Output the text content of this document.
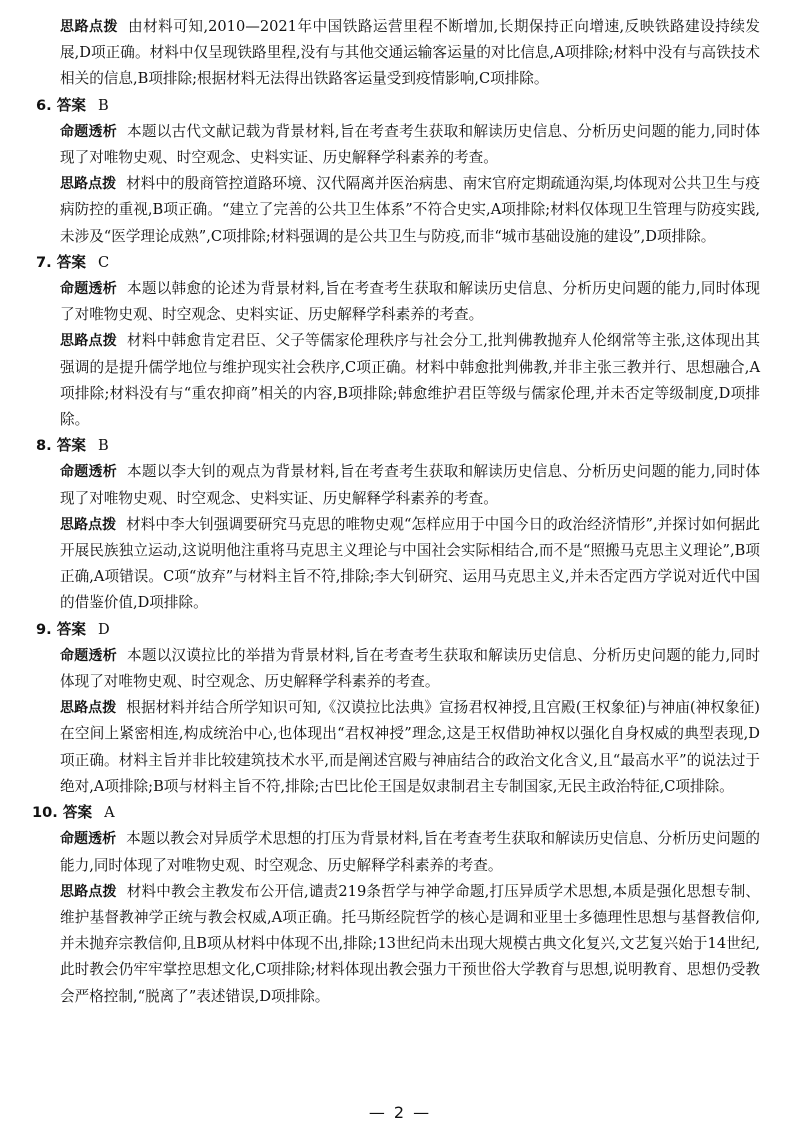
思路点拨 由材料可知,2010—2021年中国铁路运营里程不断增加,长期保持正向增速,反映铁路建设持续发展,D项正确。材料中仅呈现铁路里程,没有与其他交通运输客运量的对比信息,A项排除;材料中没有与高铁技术相关的信息,B项排除;根据材料无法得出铁路客运量受到疫情影响,C项排除。

6. 答案 B

命题透析 本题以古代文献记载为背景材料,旨在考查考生获取和解读历史信息、分析历史问题的能力,同时体现了对唯物史观、时空观念、史料实证、历史解释学科素养的考查。

思路点拨 材料中的殷商管控道路环境、汉代隔离并医治病患、南宋官府定期疏通沟渠,均体现对公共卫生与疫病防控的重视,B项正确。“建立了完善的公共卫生体系”不符合史实,A项排除;材料仅体现卫生管理与防疫实践,未涉及“医学理论成熟”,C项排除;材料强调的是公共卫生与防疫,而非“城市基础设施的建设”,D项排除。

7. 答案 C

命题透析 本题以韩愈的论述为背景材料,旨在考查考生获取和解读历史信息、分析历史问题的能力,同时体现了对唯物史观、时空观念、史料实证、历史解释学科素养的考查。

思路点拨 材料中韩愈肯定君臣、父子等儒家伦理秩序与社会分工,批判佛教抛弃人伦纲常等主张,这体现出其强调的是提升儒学地位与维护现实社会秩序,C项正确。材料中韩愈批判佛教,并非主张三教并行、思想融合,A项排除;材料没有与“重农抑商”相关的内容,B项排除;韩愈维护君臣等级与儒家伦理,并未否定等级制度,D项排除。

8. 答案 B

命题透析 本题以李大钊的观点为背景材料,旨在考查考生获取和解读历史信息、分析历史问题的能力,同时体现了对唯物史观、时空观念、史料实证、历史解释学科素养的考查。

思路点拨 材料中李大钊强调要研究马克思的唯物史观“怎样应用于中国今日的政治经济情形”,并探讨如何据此开展民族独立运动,这说明他注重将马克思主义理论与中国社会实际相结合,而不是“照搬马克思主义理论”,B项正确,A项错误。C项“放弃”与材料主旨不符,排除;李大钊研究、运用马克思主义,并未否定西方学说对近代中国的借鉴价值,D项排除。

9. 答案 D

命题透析 本题以汉谟拉比的举措为背景材料,旨在考查考生获取和解读历史信息、分析历史问题的能力,同时体现了对唯物史观、时空观念、历史解释学科素养的考查。

思路点拨 根据材料并结合所学知识可知,《汉谟拉比法典》宣扬君权神授,且宫殿(王权象征)与神庙(神权象征)在空间上紧密相连,构成统治中心,也体现出“君权神授”理念,这是王权借助神权以强化自身权威的典型表现,D项正确。材料主旨并非比较建筑技术水平,而是阐述宫殿与神庙结合的政治文化含义,且“最高水平”的说法过于绝对,A项排除;B项与材料主旨不符,排除;古巴比伦王国是奴隶制君主专制国家,无民主政治特征,C项排除。

10. 答案 A

命题透析 本题以教会对异质学术思想的打压为背景材料,旨在考查考生获取和解读历史信息、分析历史问题的能力,同时体现了对唯物史观、时空观念、历史解释学科素养的考查。

思路点拨 材料中教会主教发布公开信,谴责219条哲学与神学命题,打压异质学术思想,本质是强化思想专制、维护基督教神学正统与教会权威,A项正确。托马斯经院哲学的核心是调和亚里士多德理性思想与基督教信仰,并未抛弃宗教信仰,且B项从材料中体现不出,排除;13世纪尚未出现大规模古典文化复兴,文艺复兴始于14世纪,此时教会仍牢牢掌控思想文化,C项排除;材料体现出教会强力干预世俗大学教育与思想,说明教育、思想仍受教会严格控制,“脱离了”表述错误,D项排除。

— 2 —
